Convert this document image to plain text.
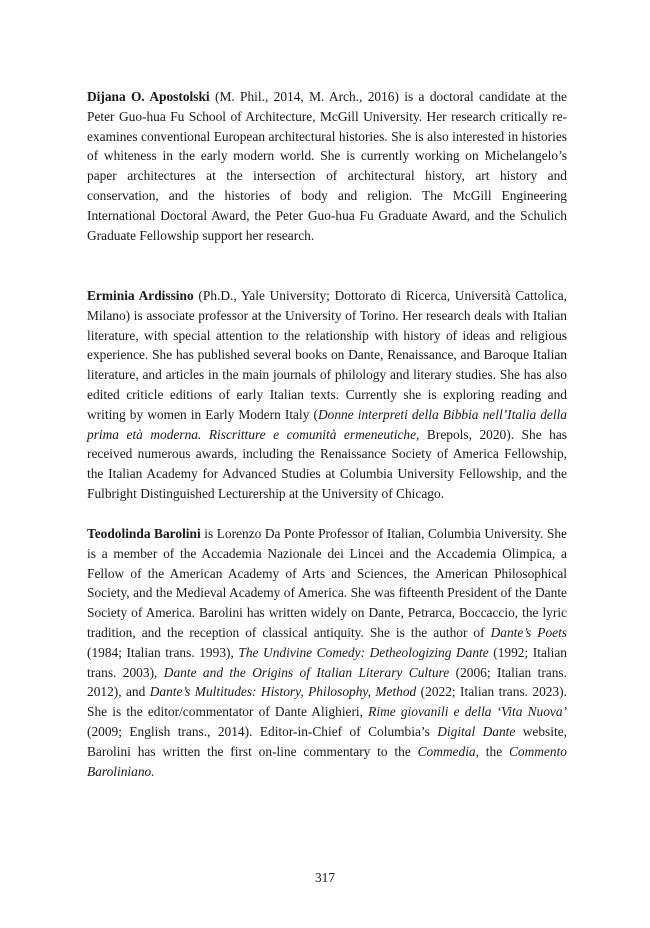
Dijana O. Apostolski (M. Phil., 2014, M. Arch., 2016) is a doctoral candidate at the Peter Guo-hua Fu School of Architecture, McGill University. Her research critically re-examines conventional European architectural histories. She is also interested in histories of whiteness in the early modern world. She is currently working on Michelangelo’s paper architectures at the intersection of architectural history, art history and conservation, and the histories of body and religion. The McGill Engineering International Doctoral Award, the Peter Guo-hua Fu Graduate Award, and the Schulich Graduate Fellowship support her research.

Erminia Ardissino (Ph.D., Yale University; Dottorato di Ricerca, Università Cattolica, Milano) is associate professor at the University of Torino. Her research deals with Italian literature, with special attention to the relationship with history of ideas and religious experience. She has published several books on Dante, Renaissance, and Baroque Italian literature, and articles in the main journals of philology and literary studies. She has also edited criticle editions of early Italian texts. Currently she is exploring reading and writing by women in Early Modern Italy (Donne interpreti della Bibbia nell’Italia della prima età moderna. Riscritture e comunità ermeneutiche, Brepols, 2020). She has received numerous awards, including the Renaissance Society of America Fellowship, the Italian Academy for Advanced Studies at Columbia University Fellowship, and the Fulbright Distinguished Lecturership at the University of Chicago.

Teodolinda Barolini is Lorenzo Da Ponte Professor of Italian, Columbia University. She is a member of the Accademia Nazionale dei Lincei and the Accademia Olimpica, a Fellow of the American Academy of Arts and Sciences, the American Philosophical Society, and the Medieval Academy of America. She was fifteenth President of the Dante Society of America. Barolini has written widely on Dante, Petrarca, Boccaccio, the lyric tradition, and the reception of classical antiquity. She is the author of Dante’s Poets (1984; Italian trans. 1993), The Undivine Comedy: Detheologizing Dante (1992; Italian trans. 2003), Dante and the Origins of Italian Literary Culture (2006; Italian trans. 2012), and Dante’s Multitudes: History, Philosophy, Method (2022; Italian trans. 2023). She is the editor/commentator of Dante Alighieri, Rime giovanili e della ‘Vita Nuova’ (2009; English trans., 2014). Editor-in-Chief of Columbia’s Digital Dante website, Barolini has written the first on-line commentary to the Commedia, the Commento Baroliniano.

317
